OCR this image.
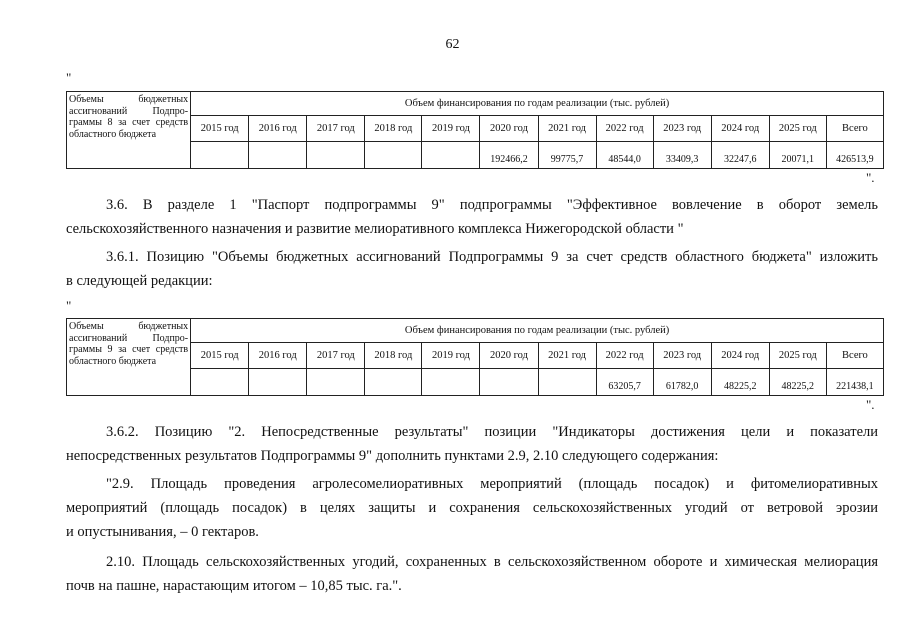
62
"
Объемы бюджетных ассигнований Подпро-граммы 8 за счет средств областного бюджета	Объем финансирования по годам реализации (тыс. рублей)											
	2015 год	2016 год	2017 год	2018 год	2019 год	2020 год	2021 год	2022 год	2023 год	2024 год	2025 год	Всего
						192466,2	99775,7	48544,0	33409,3	32247,6	20071,1	426513,9
".
3.6. В разделе 1 "Паспорт подпрограммы 9" подпрограммы "Эффективное вовлечение в оборот земель
сельскохозяйственного назначения и развитие мелиоративного комплекса Нижегородской области "
3.6.1. Позицию "Объемы бюджетных ассигнований Подпрограммы 9 за счет средств областного бюджета" изложить
в следующей редакции:
"
Объемы бюджетных ассигнований Подпро-граммы 9 за счет средств областного бюджета	Объем финансирования по годам реализации (тыс. рублей)											
	2015 год	2016 год	2017 год	2018 год	2019 год	2020 год	2021 год	2022 год	2023 год	2024 год	2025 год	Всего
								63205,7	61782,0	48225,2	48225,2	221438,1
".
3.6.2. Позицию "2. Непосредственные результаты" позиции "Индикаторы достижения цели и показатели
непосредственных результатов Подпрограммы 9" дополнить пунктами 2.9, 2.10 следующего содержания:
"2.9. Площадь проведения агролесомелиоративных мероприятий (площадь посадок) и фитомелиоративных
мероприятий (площадь посадок) в целях защиты и сохранения сельскохозяйственных угодий от ветровой эрозии
и опустынивания, – 0 гектаров.
2.10. Площадь сельскохозяйственных угодий, сохраненных в сельскохозяйственном обороте и химическая мелиорация
почв на пашне, нарастающим итогом – 10,85 тыс. га.".
